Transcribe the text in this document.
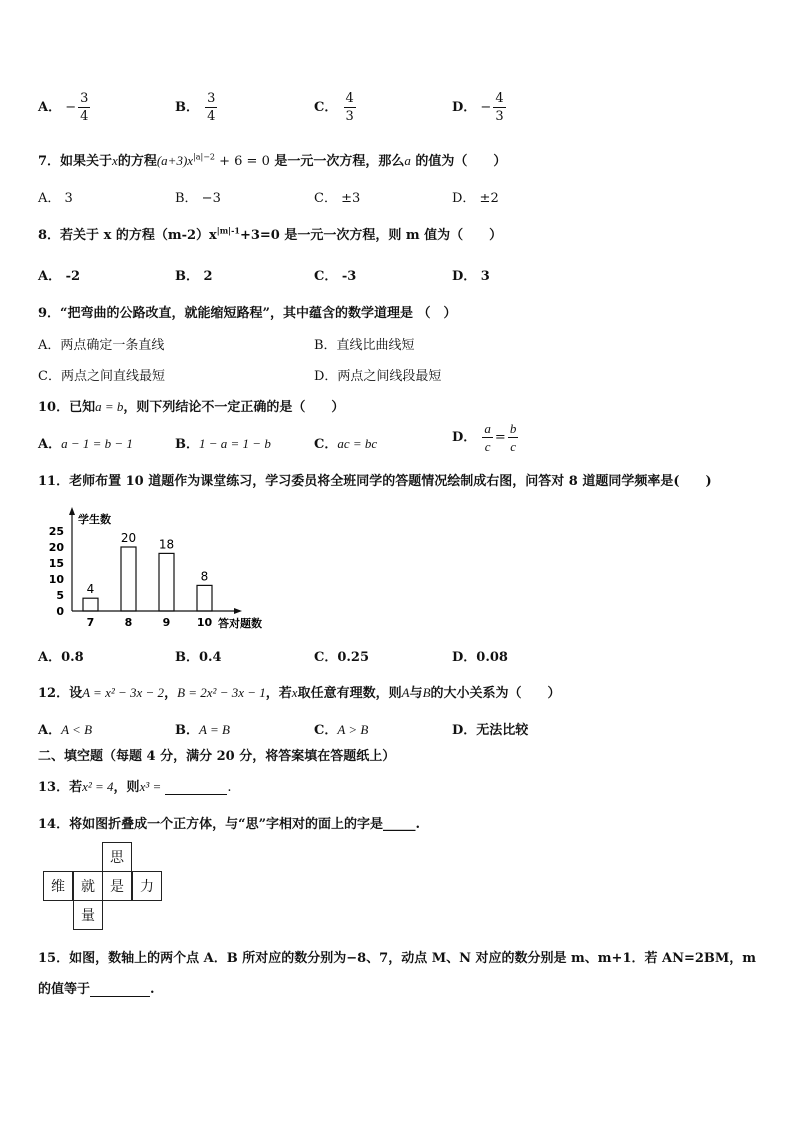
A． − $\frac{3}{4}$	B． $\frac{3}{4}$	C． $\frac{4}{3}$	D． − $\frac{4}{3}$
7．如果关于x的方程$(a+3)x^{|a|-2} + 6 = 0$ 是一元一次方程，那么a 的值为（　　）
A． 3	B． −3	C． ±3	D． ±2
8．若关于 x 的方程$(m-2)x^{|m|-1}+3=0$ 是一元一次方程，则 m 值为（　　）
A． -2	B． 2	C． -3	D． 3
9．“把弯曲的公路改直，就能缩短路程”，其中蕴含的数学道理是 （　）
A．两点确定一条直线	B．直线比曲线短
C．两点之间直线最短	D．两点之间线段最短
10．已知a = b，则下列结论不一定正确的是（　　）
A．a − 1 = b − 1	B．1 − a = 1 − b	C．ac = bc	D． $\frac{a}{c} = \frac{b}{c}$
11．老师布置 10 道题作为课堂练习，学习委员将全班同学的答题情况绘制成右图，问答对 8 道题同学频率是(　　)
学生数
答对题数
0
5
10
15
20
25
4
7
20
8
18
9
8
10
A．0.8	B．0.4	C．0.25	D．0.08
12．设A = x² − 3x − 2，B = 2x² − 3x − 1，若x取任意有理数，则A与B的大小关系为（　　）
A．A < B	B．A = B	C．A > B	D．无法比较
二、填空题（每题 4 分，满分 20 分，将答案填在答题纸上）
13．若x² = 4，则x³ =	.
14．将如图折叠成一个正方体，与“思”字相对的面上的字是_____.
思
维	就	是	力
量
15．如图，数轴上的两个点 A．B 所对应的数分别为−8、7，动点 M、N 对应的数分别是 m、m+1．若 AN=2BM，m
的值等于	.
